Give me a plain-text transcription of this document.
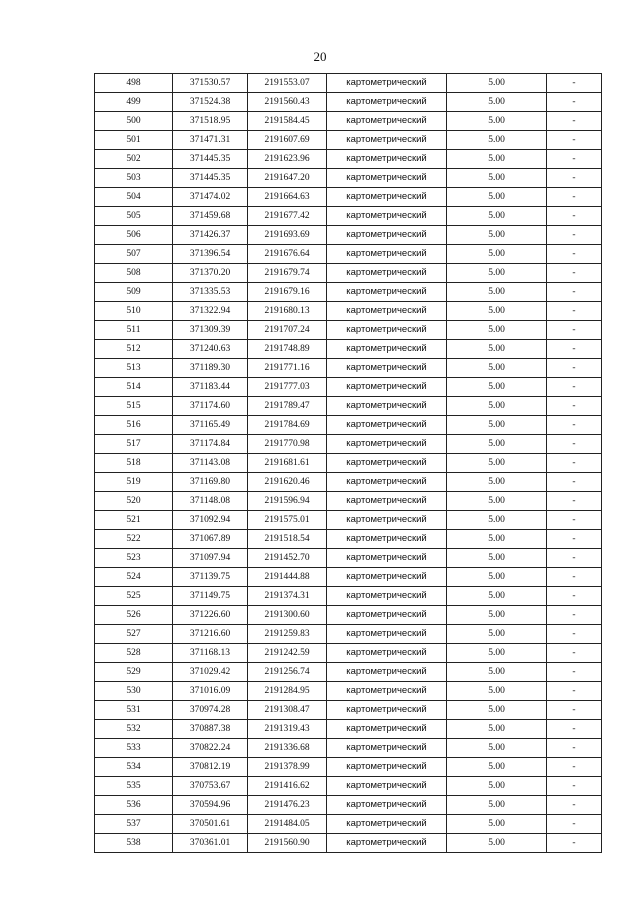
20
498	371530.57	2191553.07	картометрический	5.00	-
499	371524.38	2191560.43	картометрический	5.00	-
500	371518.95	2191584.45	картометрический	5.00	-
501	371471.31	2191607.69	картометрический	5.00	-
502	371445.35	2191623.96	картометрический	5.00	-
503	371445.35	2191647.20	картометрический	5.00	-
504	371474.02	2191664.63	картометрический	5.00	-
505	371459.68	2191677.42	картометрический	5.00	-
506	371426.37	2191693.69	картометрический	5.00	-
507	371396.54	2191676.64	картометрический	5.00	-
508	371370.20	2191679.74	картометрический	5.00	-
509	371335.53	2191679.16	картометрический	5.00	-
510	371322.94	2191680.13	картометрический	5.00	-
511	371309.39	2191707.24	картометрический	5.00	-
512	371240.63	2191748.89	картометрический	5.00	-
513	371189.30	2191771.16	картометрический	5.00	-
514	371183.44	2191777.03	картометрический	5.00	-
515	371174.60	2191789.47	картометрический	5.00	-
516	371165.49	2191784.69	картометрический	5.00	-
517	371174.84	2191770.98	картометрический	5.00	-
518	371143.08	2191681.61	картометрический	5.00	-
519	371169.80	2191620.46	картометрический	5.00	-
520	371148.08	2191596.94	картометрический	5.00	-
521	371092.94	2191575.01	картометрический	5.00	-
522	371067.89	2191518.54	картометрический	5.00	-
523	371097.94	2191452.70	картометрический	5.00	-
524	371139.75	2191444.88	картометрический	5.00	-
525	371149.75	2191374.31	картометрический	5.00	-
526	371226.60	2191300.60	картометрический	5.00	-
527	371216.60	2191259.83	картометрический	5.00	-
528	371168.13	2191242.59	картометрический	5.00	-
529	371029.42	2191256.74	картометрический	5.00	-
530	371016.09	2191284.95	картометрический	5.00	-
531	370974.28	2191308.47	картометрический	5.00	-
532	370887.38	2191319.43	картометрический	5.00	-
533	370822.24	2191336.68	картометрический	5.00	-
534	370812.19	2191378.99	картометрический	5.00	-
535	370753.67	2191416.62	картометрический	5.00	-
536	370594.96	2191476.23	картометрический	5.00	-
537	370501.61	2191484.05	картометрический	5.00	-
538	370361.01	2191560.90	картометрический	5.00	-
